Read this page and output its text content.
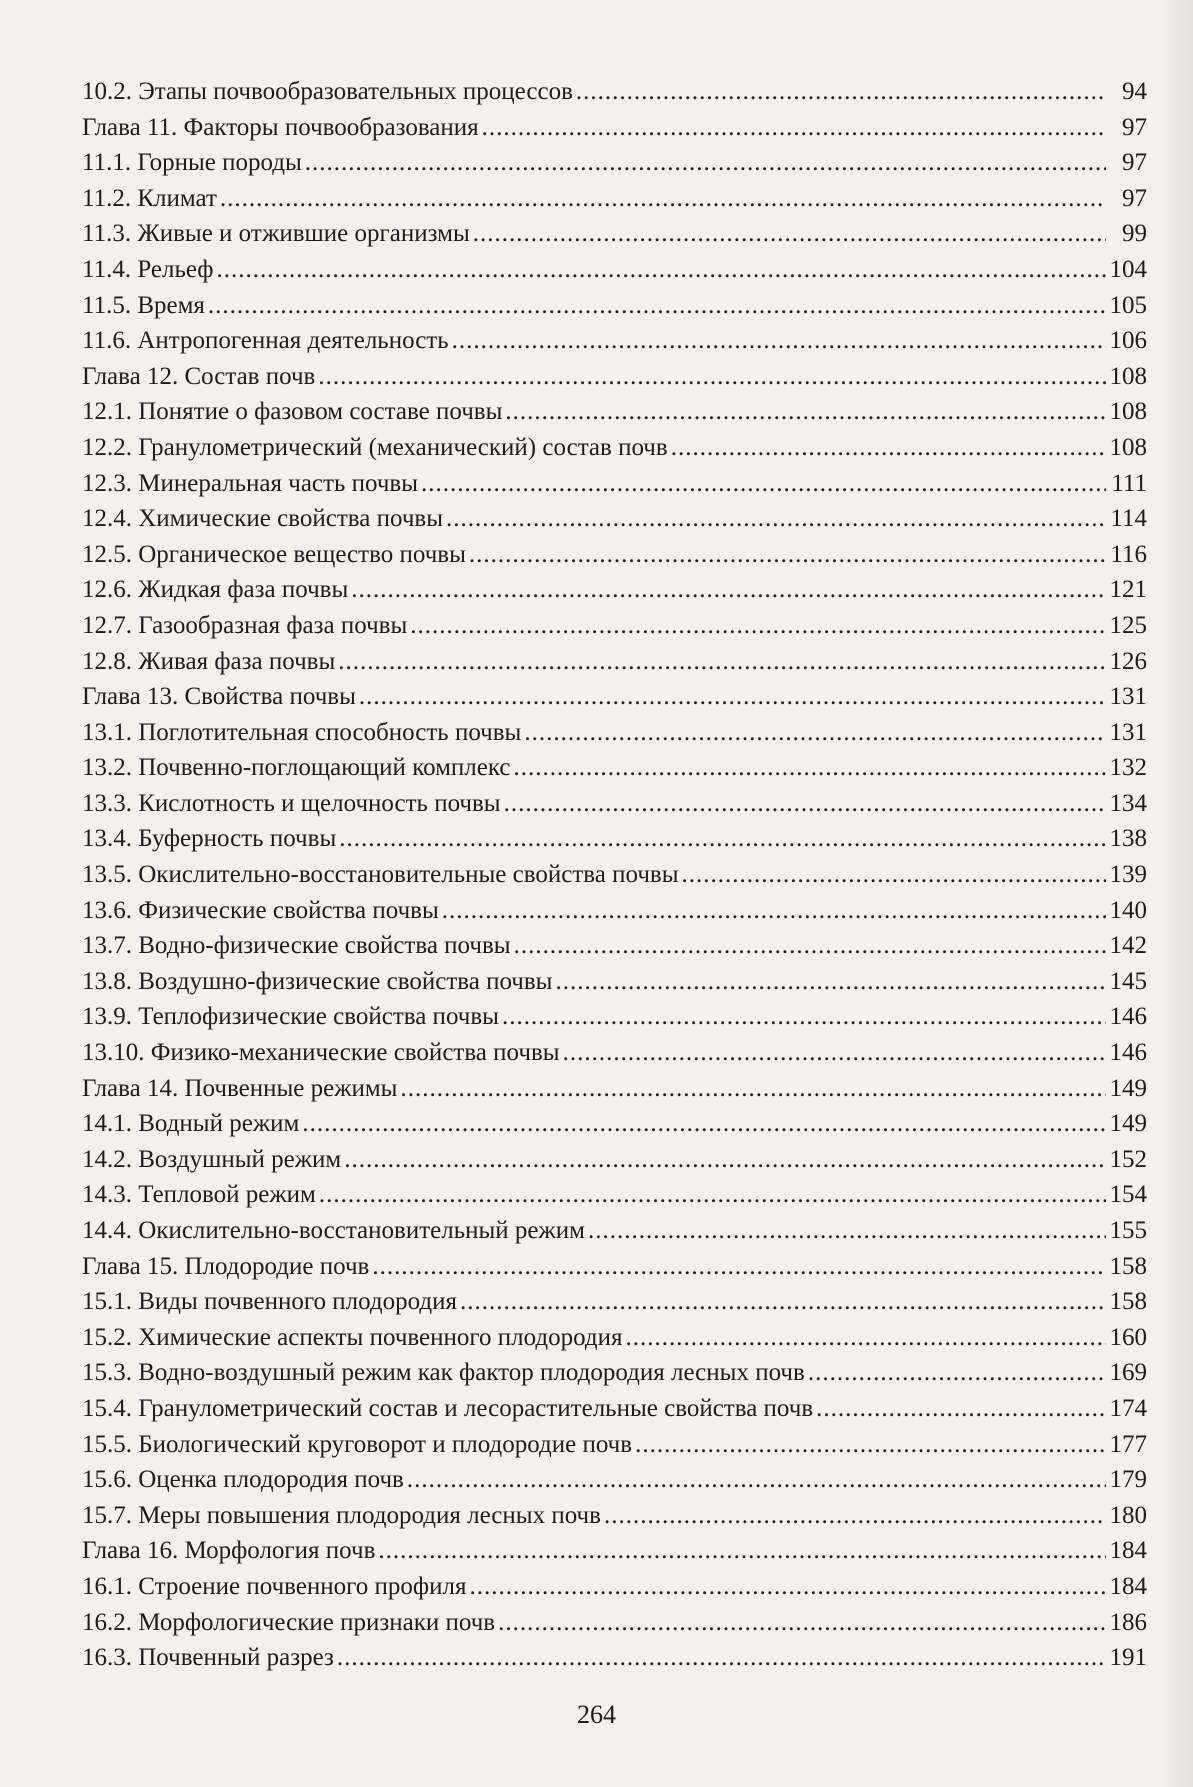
10.2. Этапы почвообразовательных процессов .....	94
Глава 11. Факторы почвообразования .....	97
11.1. Горные породы .....	97
11.2. Климат .....	97
11.3. Живые и отжившие организмы .....	99
11.4. Рельеф .....	104
11.5. Время .....	105
11.6. Антропогенная деятельность .....	106
Глава 12. Состав почв .....	108
12.1. Понятие о фазовом составе почвы .....	108
12.2. Гранулометрический (механический) состав почв .....	108
12.3. Минеральная часть почвы .....	111
12.4. Химические свойства почвы .....	114
12.5. Органическое вещество почвы .....	116
12.6. Жидкая фаза почвы .....	121
12.7. Газообразная фаза почвы .....	125
12.8. Живая фаза почвы .....	126
Глава 13. Свойства почвы .....	131
13.1. Поглотительная способность почвы .....	131
13.2. Почвенно-поглощающий комплекс .....	132
13.3. Кислотность и щелочность почвы .....	134
13.4. Буферность почвы .....	138
13.5. Окислительно-восстановительные свойства почвы .....	139
13.6. Физические свойства почвы .....	140
13.7. Водно-физические свойства почвы .....	142
13.8. Воздушно-физические свойства почвы .....	145
13.9. Теплофизические свойства почвы .....	146
13.10. Физико-механические свойства почвы .....	146
Глава 14. Почвенные режимы .....	149
14.1. Водный режим .....	149
14.2. Воздушный режим .....	152
14.3. Тепловой режим .....	154
14.4. Окислительно-восстановительный режим .....	155
Глава 15. Плодородие почв .....	158
15.1. Виды почвенного плодородия .....	158
15.2. Химические аспекты почвенного плодородия .....	160
15.3. Водно-воздушный режим как фактор плодородия лесных почв .....	169
15.4. Гранулометрический состав и лесорастительные свойства почв .....	174
15.5. Биологический круговорот и плодородие почв .....	177
15.6. Оценка плодородия почв .....	179
15.7. Меры повышения плодородия лесных почв .....	180
Глава 16. Морфология почв .....	184
16.1. Строение почвенного профиля .....	184
16.2. Морфологические признаки почв .....	186
16.3. Почвенный разрез .....	191
264
